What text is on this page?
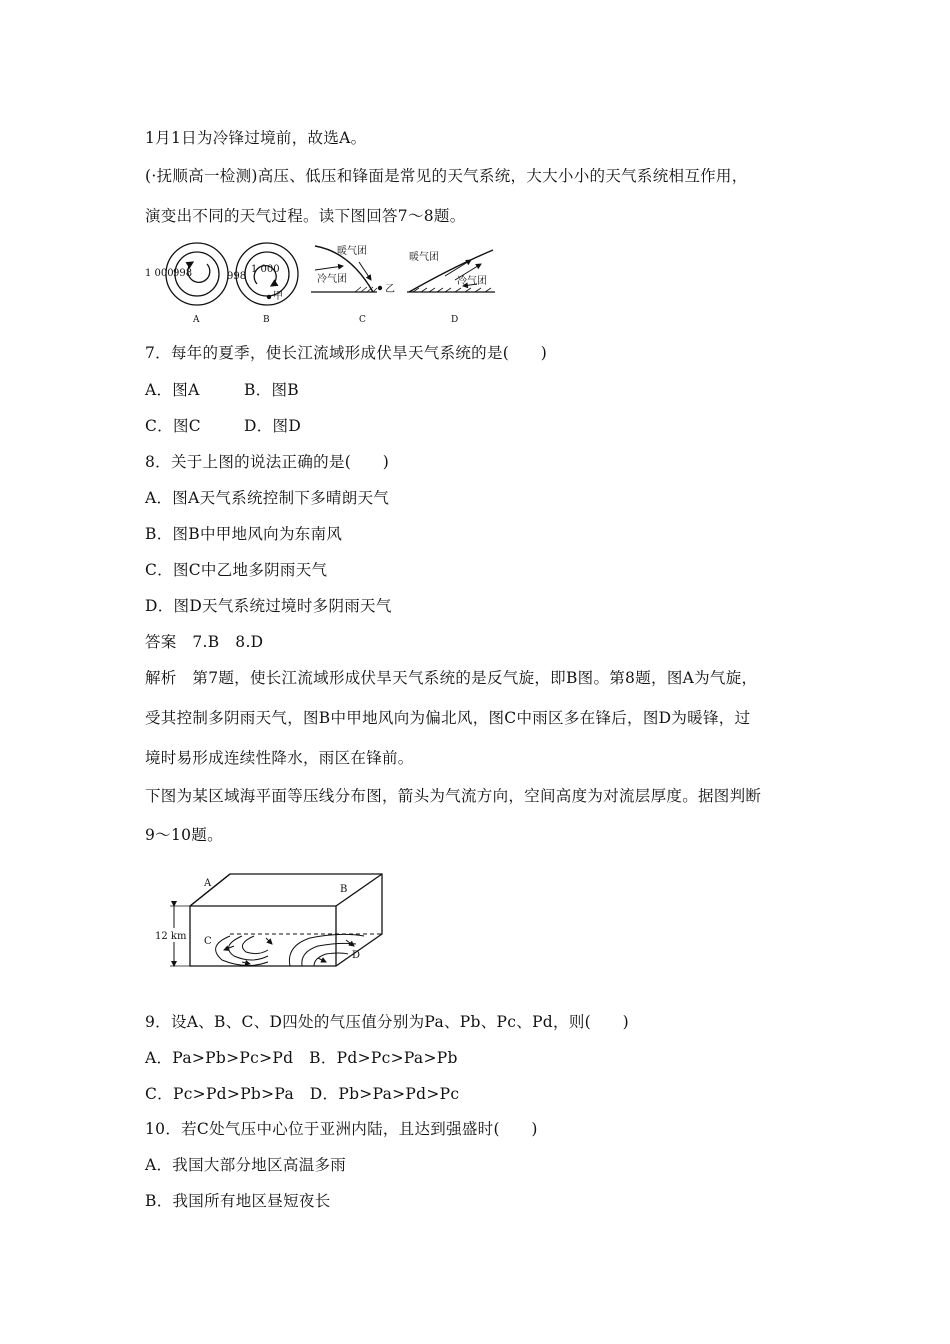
1月1日为冷锋过境前，故选A。
(·抚顺高一检测)高压、低压和锋面是常见的天气系统，大大小小的天气系统相互作用，
演变出不同的天气过程。读下图回答7～8题。
1 000 998
A
998
1 000
甲
B
暖气团
冷气团
乙
C
暖气团
冷气团
D
7．每年的夏季，使长江流域形成伏旱天气系统的是(　　)
A．图A	B．图B
C．图C	D．图D
8．关于上图的说法正确的是(　　)
A．图A天气系统控制下多晴朗天气
B．图B中甲地风向为东南风
C．图C中乙地多阴雨天气
D．图D天气系统过境时多阴雨天气
答案　7.B　8.D
解析　第7题，使长江流域形成伏旱天气系统的是反气旋，即B图。第8题，图A为气旋，
受其控制多阴雨天气，图B中甲地风向为偏北风，图C中雨区多在锋后，图D为暖锋，过
境时易形成连续性降水，雨区在锋前。
下图为某区域海平面等压线分布图，箭头为气流方向，空间高度为对流层厚度。据图判断
9～10题。
12 km
A
B
C
D
9．设A、B、C、D四处的气压值分别为Pa、Pb、Pc、Pd，则(　　)
A．Pa>Pb>Pc>Pd　B．Pd>Pc>Pa>Pb
C．Pc>Pd>Pb>Pa　D．Pb>Pa>Pd>Pc
10．若C处气压中心位于亚洲内陆，且达到强盛时(　　)
A．我国大部分地区高温多雨
B．我国所有地区昼短夜长
